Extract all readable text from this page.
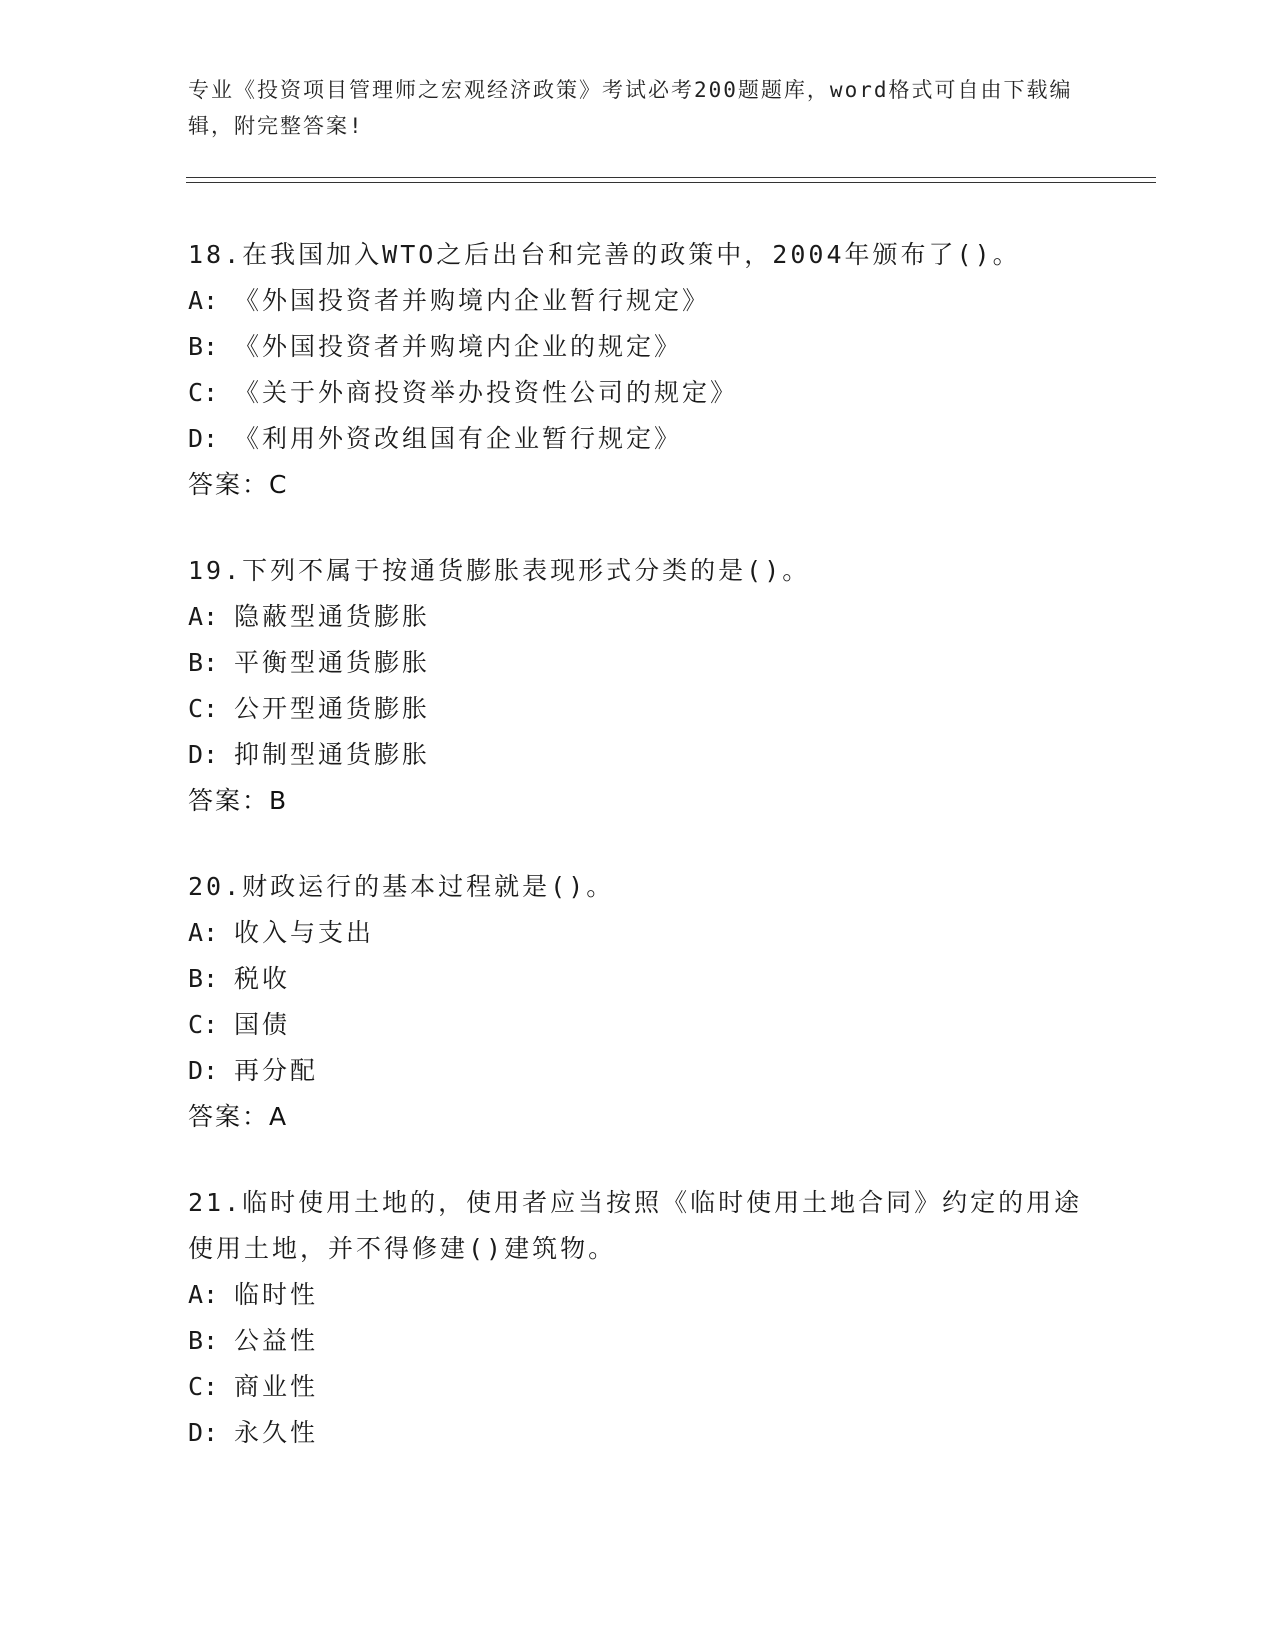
专业《投资项目管理师之宏观经济政策》考试必考200题题库，word格式可自由下载编辑，附完整答案!
18.在我国加入WTO之后出台和完善的政策中，2004年颁布了()。
A: 《外国投资者并购境内企业暂行规定》
B: 《外国投资者并购境内企业的规定》
C: 《关于外商投资举办投资性公司的规定》
D: 《利用外资改组国有企业暂行规定》
答案：C
19.下列不属于按通货膨胀表现形式分类的是()。
A: 隐蔽型通货膨胀
B: 平衡型通货膨胀
C: 公开型通货膨胀
D: 抑制型通货膨胀
答案：B
20.财政运行的基本过程就是()。
A: 收入与支出
B: 税收
C: 国债
D: 再分配
答案：A
21.临时使用土地的，使用者应当按照《临时使用土地合同》约定的用途使用土地，并不得修建()建筑物。
A: 临时性
B: 公益性
C: 商业性
D: 永久性
